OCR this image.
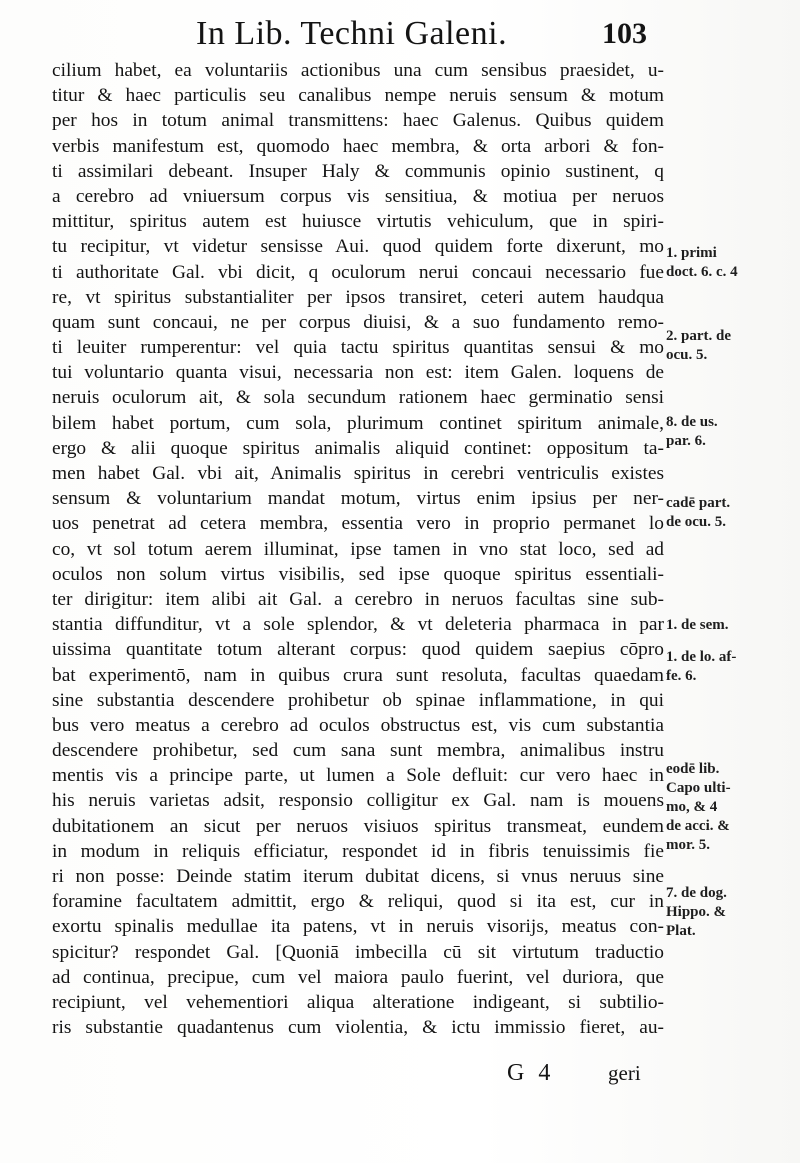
In Lib. Techni Galeni.	103
cilium habet, ea voluntariis actionibus una cum sensibus praesidet, u-
titur & haec particulis seu canalibus nempe neruis sensum & motum
per hos in totum animal transmittens: haec Galenus. Quibus quidem
verbis manifestum est, quomodo haec membra, & orta arbori & fon-
ti assimilari debeant. Insuper Haly & communis opinio sustinent, q
a cerebro ad vniuersum corpus vis sensitiua, & motiua per neruos
mittitur, spiritus autem est huiusce virtutis vehiculum, que in spiri-
tu recipitur, vt videtur sensisse Aui. quod quidem forte dixerunt, mo
ti authoritate Gal. vbi dicit, q oculorum nerui concaui necessario fue
re, vt spiritus substantialiter per ipsos transiret, ceteri autem haudqua
quam sunt concaui, ne per corpus diuisi, & a suo fundamento remo-
ti leuiter rumperentur: vel quia tactu spiritus quantitas sensui & mo
tui voluntario quanta visui, necessaria non est: item Galen. loquens de
neruis oculorum ait, & sola secundum rationem haec germinatio sensi
bilem habet portum, cum sola, plurimum continet spiritum animale,
ergo & alii quoque spiritus animalis aliquid continet: oppositum ta-
men habet Gal. vbi ait, Animalis spiritus in cerebri ventriculis existes
sensum & voluntarium mandat motum, virtus enim ipsius per ner-
uos penetrat ad cetera membra, essentia vero in proprio permanet lo
co, vt sol totum aerem illuminat, ipse tamen in vno stat loco, sed ad
oculos non solum virtus visibilis, sed ipse quoque spiritus essentiali-
ter dirigitur: item alibi ait Gal. a cerebro in neruos facultas sine sub-
stantia diffunditur, vt a sole splendor, & vt deleteria pharmaca in par
uissima quantitate totum alterant corpus: quod quidem saepius cōpro
bat experimentō, nam in quibus crura sunt resoluta, facultas quaedam
sine substantia descendere prohibetur ob spinae inflammatione, in qui
bus vero meatus a cerebro ad oculos obstructus est, vis cum substantia
descendere prohibetur, sed cum sana sunt membra, animalibus instru
mentis vis a principe parte, ut lumen a Sole defluit: cur vero haec in
his neruis varietas adsit, responsio colligitur ex Gal. nam is mouens
dubitationem an sicut per neruos visiuos spiritus transmeat, eundem
in modum in reliquis efficiatur, respondet id in fibris tenuissimis fie
ri non posse: Deinde statim iterum dubitat dicens, si vnus neruus sine
foramine facultatem admittit, ergo & reliqui, quod si ita est, cur in
exortu spinalis medullae ita patens, vt in neruis visorijs, meatus con-
spicitur? respondet Gal. [Quoniā imbecilla cū sit virtutum traductio
ad continua, precipue, cum vel maiora paulo fuerint, vel duriora, que
recipiunt, vel vehementiori aliqua alteratione indigeant, si subtilio-
ris substantie quadantenus cum violentia, & ictu immissio fieret, au-
1. primi
doct. 6. c. 4
2. part. de
ocu. 5.
8. de us.
par. 6.
cadē part.
de ocu. 5.
1. de sem.
1. de lo. af-
fe. 6.
eodē lib.
Capo ulti-
mo, & 4
de acci. &
mor. 5.
7. de dog.
Hippo. &
Plat.
G 4	geri
